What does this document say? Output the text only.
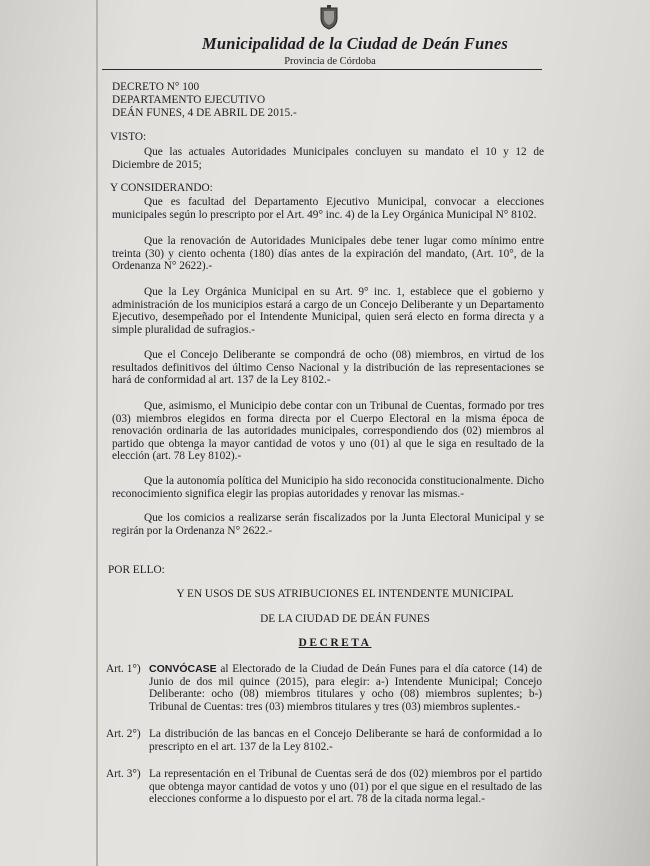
Municipalidad de la Ciudad de Deán Funes
Provincia de Córdoba
DECRETO N° 100
DEPARTAMENTO EJECUTIVO
DEÁN FUNES, 4 DE ABRIL DE 2015.-
VISTO:
Que las actuales Autoridades Municipales concluyen su mandato el 10 y 12 de Diciembre de 2015;
Y CONSIDERANDO:
Que es facultad del Departamento Ejecutivo Municipal, convocar a elecciones municipales según lo prescripto por el Art. 49° inc. 4) de la Ley Orgánica Municipal N° 8102.
Que la renovación de Autoridades Municipales debe tener lugar como mínimo entre treinta (30) y ciento ochenta (180) días antes de la expiración del mandato, (Art. 10°, de la Ordenanza N° 2622).-
Que la Ley Orgánica Municipal en su Art. 9° inc. 1, establece que el gobierno y administración de los municipios estará a cargo de un Concejo Deliberante y un Departamento Ejecutivo, desempeñado por el Intendente Municipal, quien será electo en forma directa y a simple pluralidad de sufragios.-
Que el Concejo Deliberante se compondrá de ocho (08) miembros, en virtud de los resultados definitivos del último Censo Nacional y la distribución de las representaciones se hará de conformidad al art. 137 de la Ley 8102.-
Que, asimismo, el Municipio debe contar con un Tribunal de Cuentas, formado por tres (03) miembros elegidos en forma directa por el Cuerpo Electoral en la misma época de renovación ordinaria de las autoridades municipales, correspondiendo dos (02) miembros al partido que obtenga la mayor cantidad de votos y uno (01) al que le siga en resultado de la elección (art. 78 Ley 8102).-
Que la autonomía política del Municipio ha sido reconocida constitucionalmente. Dicho reconocimiento significa elegir las propias autoridades y renovar las mismas.-
Que los comicios a realizarse serán fiscalizados por la Junta Electoral Municipal y se regirán por la Ordenanza N° 2622.-
POR ELLO:
Y EN USOS DE SUS ATRIBUCIONES EL INTENDENTE MUNICIPAL
DE LA CIUDAD DE DEÁN FUNES
DECRETA
Art. 1°) CONVÓCASE al Electorado de la Ciudad de Deán Funes para el día catorce (14) de Junio de dos mil quince (2015), para elegir: a-) Intendente Municipal; Concejo Deliberante: ocho (08) miembros titulares y ocho (08) miembros suplentes; b-) Tribunal de Cuentas: tres (03) miembros titulares y tres (03) miembros suplentes.-
Art. 2°) La distribución de las bancas en el Concejo Deliberante se hará de conformidad a lo prescripto en el art. 137 de la Ley 8102.-
Art. 3°) La representación en el Tribunal de Cuentas será de dos (02) miembros por el partido que obtenga mayor cantidad de votos y uno (01) por el que sigue en el resultado de las elecciones conforme a lo dispuesto por el art. 78 de la citada norma legal.-
